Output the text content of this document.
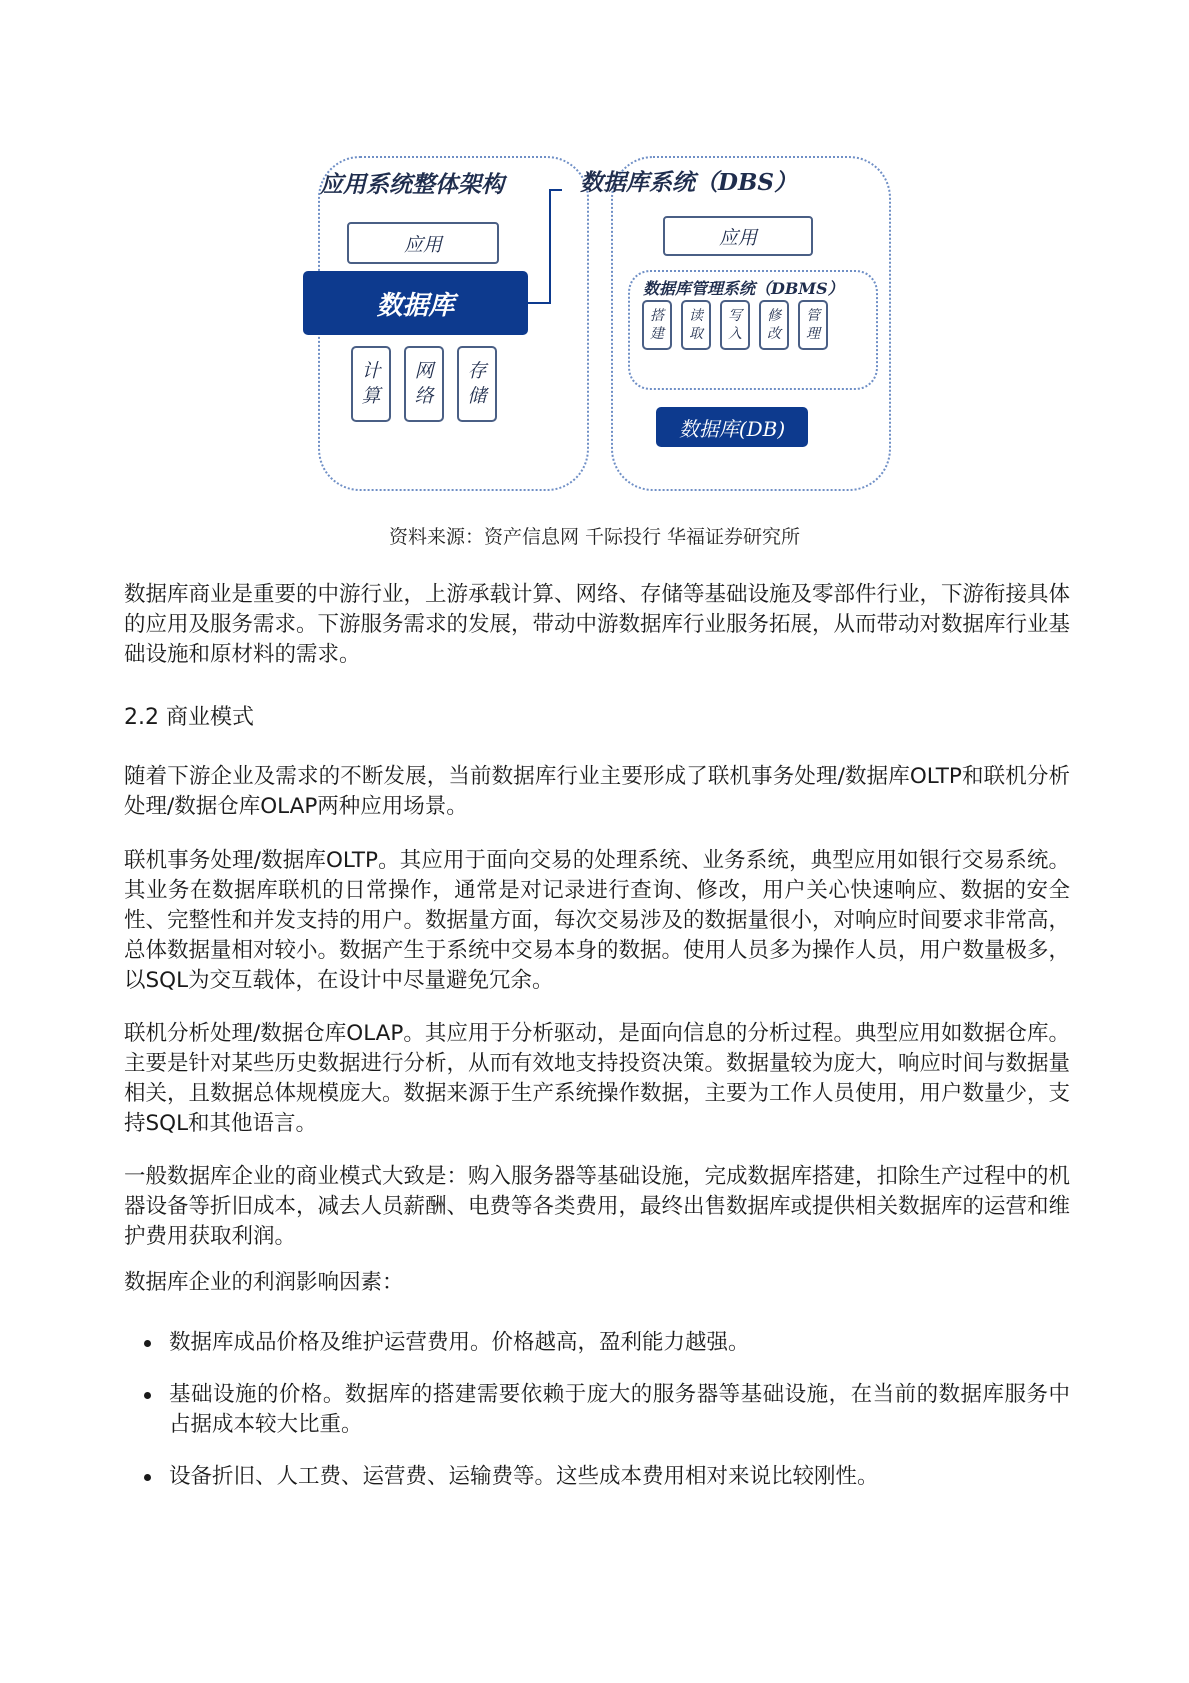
应用系统整体架构
应用
数据库
计
算
网
络
存
储
数据库系统（DBS）
应用
数据库管理系统（DBMS）
搭
建
读
取
写
入
修
改
管
理
数据库(DB)
资料来源：资产信息网 千际投行 华福证券研究所

数据库商业是重要的中游行业，上游承载计算、网络、存储等基础设施及零部件行业，下游衔接具体的应用及服务需求。下游服务需求的发展，带动中游数据库行业服务拓展，从而带动对数据库行业基础设施和原材料的需求。

2.2 商业模式

随着下游企业及需求的不断发展，当前数据库行业主要形成了联机事务处理/数据库OLTP和联机分析处理/数据仓库OLAP两种应用场景。

联机事务处理/数据库OLTP。其应用于面向交易的处理系统、业务系统，典型应用如银行交易系统。其业务在数据库联机的日常操作，通常是对记录进行查询、修改，用户关心快速响应、数据的安全性、完整性和并发支持的用户。数据量方面，每次交易涉及的数据量很小，对响应时间要求非常高，总体数据量相对较小。数据产生于系统中交易本身的数据。使用人员多为操作人员，用户数量极多，以SQL为交互载体，在设计中尽量避免冗余。

联机分析处理/数据仓库OLAP。其应用于分析驱动，是面向信息的分析过程。典型应用如数据仓库。主要是针对某些历史数据进行分析，从而有效地支持投资决策。数据量较为庞大，响应时间与数据量相关，且数据总体规模庞大。数据来源于生产系统操作数据，主要为工作人员使用，用户数量少，支持SQL和其他语言。

一般数据库企业的商业模式大致是：购入服务器等基础设施，完成数据库搭建，扣除生产过程中的机器设备等折旧成本，减去人员薪酬、电费等各类费用，最终出售数据库或提供相关数据库的运营和维护费用获取利润。

数据库企业的利润影响因素：

数据库成品价格及维护运营费用。价格越高，盈利能力越强。
基础设施的价格。数据库的搭建需要依赖于庞大的服务器等基础设施，在当前的数据库服务中占据成本较大比重。
设备折旧、人工费、运营费、运输费等。这些成本费用相对来说比较刚性。
